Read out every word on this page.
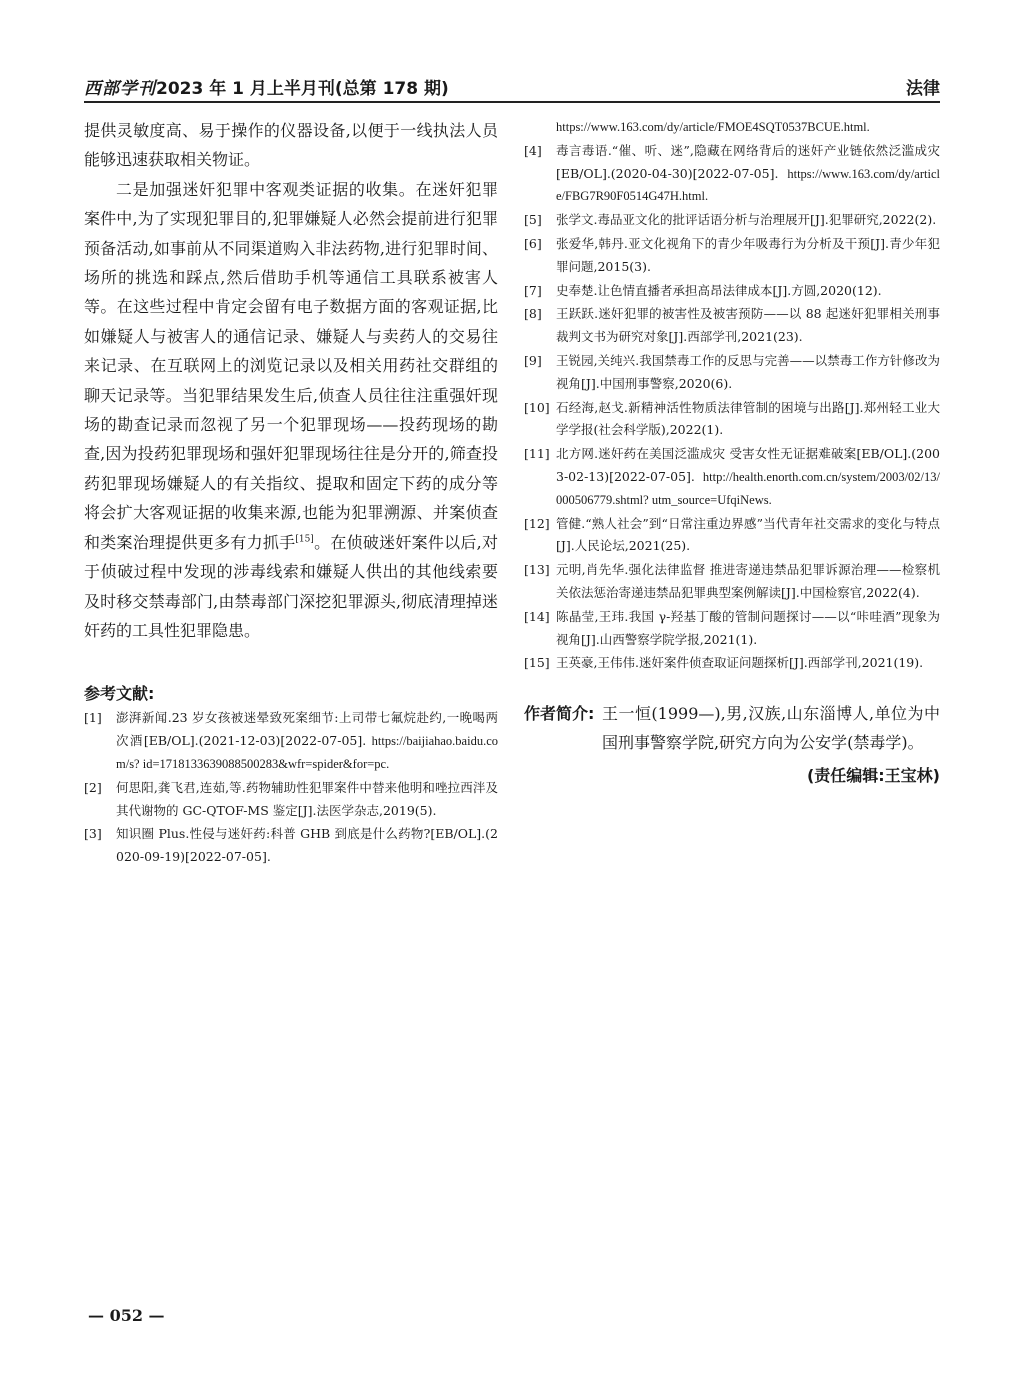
西部学刊 2023 年 1 月上半月刊(总第 178 期)	法律

提供灵敏度高、易于操作的仪器设备,以便于一线执法人员能够迅速获取相关物证。

二是加强迷奸犯罪中客观类证据的收集。在迷奸犯罪案件中,为了实现犯罪目的,犯罪嫌疑人必然会提前进行犯罪预备活动,如事前从不同渠道购入非法药物,进行犯罪时间、场所的挑选和踩点,然后借助手机等通信工具联系被害人等。在这些过程中肯定会留有电子数据方面的客观证据,比如嫌疑人与被害人的通信记录、嫌疑人与卖药人的交易往来记录、在互联网上的浏览记录以及相关用药社交群组的聊天记录等。当犯罪结果发生后,侦查人员往往注重强奸现场的勘查记录而忽视了另一个犯罪现场——投药现场的勘查,因为投药犯罪现场和强奸犯罪现场往往是分开的,筛查投药犯罪现场嫌疑人的有关指纹、提取和固定下药的成分等将会扩大客观证据的收集来源,也能为犯罪溯源、并案侦查和类案治理提供更多有力抓手[15]。在侦破迷奸案件以后,对于侦破过程中发现的涉毒线索和嫌疑人供出的其他线索要及时移交禁毒部门,由禁毒部门深挖犯罪源头,彻底清理掉迷奸药的工具性犯罪隐患。

参考文献:
[1] 澎湃新闻.23 岁女孩被迷晕致死案细节:上司带七氟烷赴约,一晚喝两次酒[EB/OL].(2021-12-03)[2022-07-05]. https://baijiahao.baidu.com/s? id=1718133639088500283&wfr=spider&for=pc.
[2] 何思阳,龚飞君,连茹,等.药物辅助性犯罪案件中替来他明和唑拉西泮及其代谢物的 GC-QTOF-MS 鉴定[J].法医学杂志,2019(5).
[3] 知识圈 Plus.性侵与迷奸药:科普 GHB 到底是什么药物?[EB/OL].(2020-09-19)[2022-07-05].
https://www.163.com/dy/article/FMOE4SQT0537BCUE.html.
[4] 毒言毒语.“催、听、迷”,隐藏在网络背后的迷奸产业链依然泛滥成灾[EB/OL].(2020-04-30)[2022-07-05]. https://www.163.com/dy/article/FBG7R90F0514G47H.html.
[5] 张学文.毒品亚文化的批评话语分析与治理展开[J].犯罪研究,2022(2).
[6] 张爱华,韩丹.亚文化视角下的青少年吸毒行为分析及干预[J].青少年犯罪问题,2015(3).
[7] 史奉楚.让色情直播者承担高昂法律成本[J].方圆,2020(12).
[8] 王跃跃.迷奸犯罪的被害性及被害预防——以 88 起迷奸犯罪相关刑事裁判文书为研究对象[J].西部学刊,2021(23).
[9] 王锐园,关纯兴.我国禁毒工作的反思与完善——以禁毒工作方针修改为视角[J].中国刑事警察,2020(6).
[10] 石经海,赵戈.新精神活性物质法律管制的困境与出路[J].郑州轻工业大学学报(社会科学版),2022(1).
[11] 北方网.迷奸药在美国泛滥成灾 受害女性无证据难破案[EB/OL].(2003-02-13)[2022-07-05]. http://health.enorth.com.cn/system/2003/02/13/000506779.shtml? utm_source=UfqiNews.
[12] 管健.“熟人社会”到“日常注重边界感”当代青年社交需求的变化与特点[J].人民论坛,2021(25).
[13] 元明,肖先华.强化法律监督 推进寄递违禁品犯罪诉源治理——检察机关依法惩治寄递违禁品犯罪典型案例解读[J].中国检察官,2022(4).
[14] 陈晶莹,王玮.我国 γ-羟基丁酸的管制问题探讨——以“咔哇酒”现象为视角[J].山西警察学院学报,2021(1).
[15] 王英豪,王伟伟.迷奸案件侦查取证问题探析[J].西部学刊,2021(19).
作者简介: 王一恒(1999—),男,汉族,山东淄博人,单位为中国刑事警察学院,研究方向为公安学(禁毒学)。
(责任编辑:王宝林)
— 052 —
